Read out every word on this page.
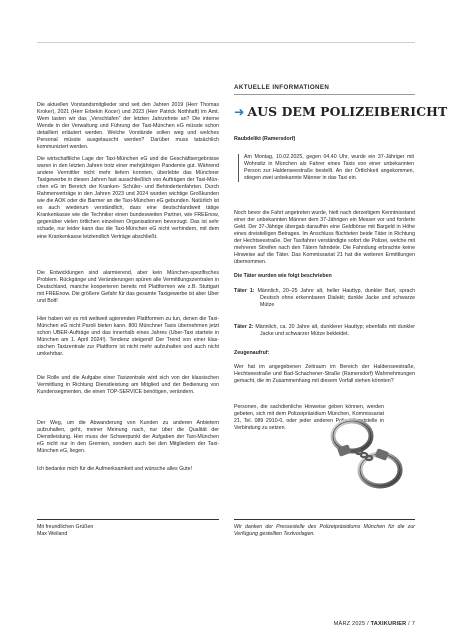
Die aktuellen Vorstandsmitglieder sind seit den Jahren 2019 (Herr Thomas Kroker), 2021 (Herr Erbekin Kocer) und 2023 (Herr Patrick Nothhaft) im Amt. Wem lasten wir das „Verschlafen“ der letzten Jahrzehnte an? Die interne Wende in der Verwaltung und Führung der Taxi-München eG müsste schon detailliert erläutert werden. Welche Vorstände sollen weg und welches Personal müsste ausgetauscht werden? Darüber muss tatsächlich kommuniziert werden.

Die wirtschaftliche Lage der Taxi-München eG und die Geschäftsergebnisse waren in den letzten Jahren trotz einer mehrjährigen Pandemie gut. Während andere Vermittler nicht mehr liefern konnten, überlebte das Münchner Taxigewerbe in diesen Jahren fast ausschließlich von Aufträgen der Taxi-München eG im Bereich der Kranken- Schüler- und Behindertenfahrten. Durch Rahmenverträge in den Jahren 2023 und 2024 wurden wichtige Großkunden wie die AOK oder die Barmer an die Taxi-München eG gebunden. Natürlich ist es auch wiederum verständlich, dass eine deutschlandweit tätige Krankenkasse wie die Techniker einen bundesweiten Partner, wie FREEnow, gegenüber vielen örtlichen einzelnen Organisationen bevorzugt. Das ist sehr schade, nur leider kann das die Taxi-München eG nicht verhindern, mit dem eine Krankenkasse letztendlich Verträge abschließt.

Die Entwicklungen sind alarmierend, aber kein München-spezifisches Problem. Rückgänge und Veränderungen spüren alle Vermittlungszentralen in Deutschland, manche kooperieren bereits mit Plattformen wie z.B. Stuttgart mit FREEnow. Die größere Gefahr für das gesamte Taxigewerbe ist aber Uber und Bolt!

Hier haben wir es mit weltweit agierenden Plattformen zu tun, denen die Taxi-München eG nicht Paroli bieten kann. 800 Münchner Taxis übernehmen jetzt schon UBER-Aufträge und das innerhalb eines Jahres (Uber-Taxi startete in München am 1. April 2024!). Tendenz steigend! Der Trend von einer klassischen Taxizentrale zur Plattform ist nicht mehr aufzuhalten und auch nicht umkehrbar.

Die Rolle und die Aufgabe einer Taxizentrale wird sich von der klassischen Vermittlung in Richtung Dienstleistung am Mitglied und der Bedienung von Kundensegmenten, die einen TOP-SERVICE benötigen, verändern.

Der Weg, um die Abwanderung von Kunden zu anderen Anbietern aufzuhalten, geht, meiner Meinung nach, nur über die Qualität der Dienstleistung. Hier muss der Schwerpunkt der Aufgaben der Taxi-München eG nicht nur in den Gremien, sondern auch bei den Mitgliedern der Taxi-München eG, liegen.

Ich bedanke mich für die Aufmerksamkeit und wünsche alles Gute!

Mit freundlichen Grüßen

Max Weiland

AKTUELLE INFORMATIONEN
➜ AUS DEM POLIZEIBERICHT
Raubdelikt (Ramersdorf)

Am Montag, 10.02.2025, gegen 04.40 Uhr, wurde ein 37-Jähriger mit Wohnsitz in München als Fahrer eines Taxis von einer unbekannten Person zur Haldenseestraße bestellt. An der Örtlichkeit angekommen, stiegen zwei unbekannte Männer in das Taxi ein.

Noch bevor die Fahrt angetreten wurde, hielt nach derzeitigem Kenntnisstand einer der unbekannten Männer dem 37-Jährigen ein Messer vor und forderte Geld. Der 37-Jährige übergab daraufhin eine Geldbörse mit Bargeld in Höhe eines dreistelligen Betrages. Im Anschluss flüchteten beide Täter in Richtung der Hechtseestraße. Der Taxifahrer verständigte sofort die Polizei, welche mit mehreren Streifen nach den Tätern fahndete. Die Fahndung erbrachte keine Hinweise auf die Täter. Das Kommissariat 21 hat die weiteren Ermittlungen übernommen.

Die Täter wurden wie folgt beschrieben

Täter 1: Männlich, 20–25 Jahre alt, heller Hauttyp, dunkler Bart, sprach Deutsch ohne erkennbaren Dialekt; dunkle Jacke und schwarze Mütze

Täter 2: Männlich, ca. 20 Jahre alt, dunklerer Hauttyp; ebenfalls mit dunkler Jacke und schwarzer Mütze bekleidet.

Zeugenaufruf:

Wer hat im angegebenen Zeitraum im Bereich der Haldenseestraße, Hechtseestraße und Bad-Schachener-Straße (Ramersdorf) Wahrnehmungen gemacht, die im Zusammenhang mit diesem Vorfall stehen könnten?

Personen, die sachdienliche Hinweise geben können, werden gebeten, sich mit dem Polizeipräsidium München, Kommissariat 21, Tel. 089 2910-0, oder jeder anderen Polizeidienststelle in Verbindung zu setzen.

Wir danken der Pressestelle des Polizeipräsidiums München für die zur Verfügung gestellten Textvorlagen.

MÄRZ 2025 / TAXIKURIER / 7
